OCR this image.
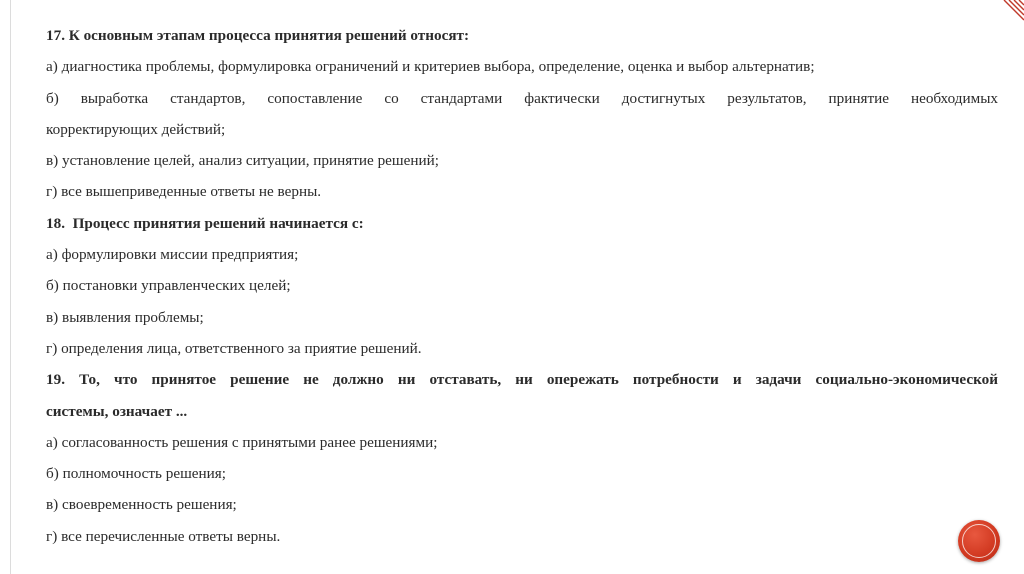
17. К основным этапам процесса принятия решений относят:
а) диагностика проблемы, формулировка ограничений и критериев выбора, определение, оценка и выбор альтернатив;
б) выработка стандартов, сопоставление со стандартами фактически достигнутых результатов, принятие необходимых
корректирующих действий;
в) установление целей, анализ ситуации, принятие решений;
г) все вышеприведенные ответы не верны.
18.  Процесс принятия решений начинается с:
а) формулировки миссии предприятия;
б) постановки управленческих целей;
в) выявления проблемы;
г) определения лица, ответственного за приятие решений.
19. То, что принятое решение не должно ни отставать, ни опережать потребности и задачи социально-экономической
системы, означает ...
а) согласованность решения с принятыми ранее решениями;
б) полномочность решения;
в) своевременность решения;
г) все перечисленные ответы верны.
